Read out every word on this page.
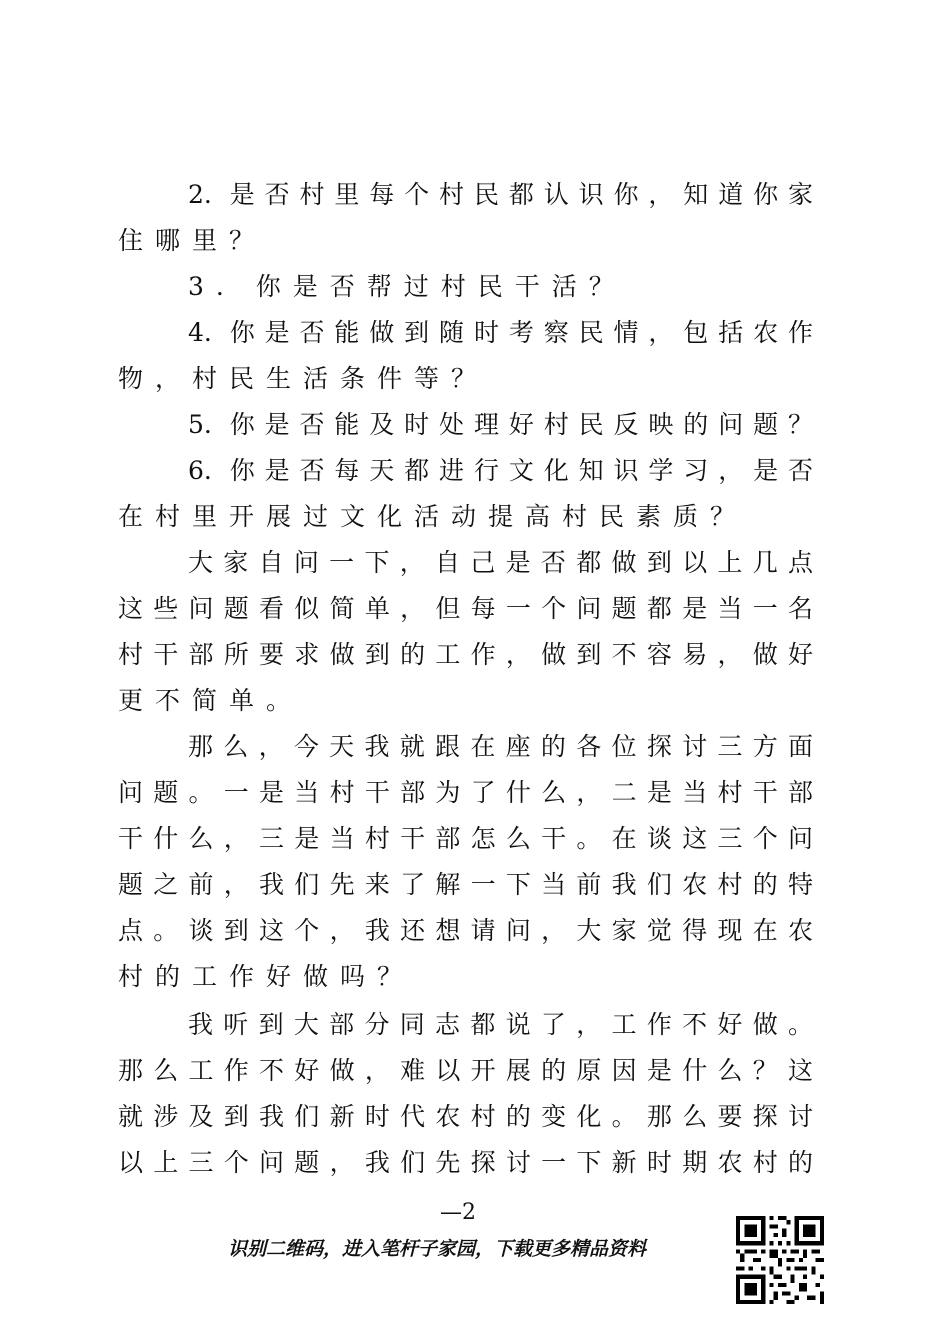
2. 是否村里每个村民都认识你，知道你家
住哪里？
3. 你是否帮过村民干活？
4. 你是否能做到随时考察民情，包括农作
物，村民生活条件等？
5. 你是否能及时处理好村民反映的问题？
6. 你是否每天都进行文化知识学习，是否
在村里开展过文化活动提高村民素质？
大家自问一下，自己是否都做到以上几点
这些问题看似简单，但每一个问题都是当一名
村干部所要求做到的工作，做到不容易，做好
更不简单。
那么，今天我就跟在座的各位探讨三方面
问题。一是当村干部为了什么，二是当村干部
干什么，三是当村干部怎么干。在谈这三个问
题之前，我们先来了解一下当前我们农村的特
点。谈到这个，我还想请问，大家觉得现在农
村的工作好做吗？
我听到大部分同志都说了，工作不好做。
那么工作不好做，难以开展的原因是什么？这
就涉及到我们新时代农村的变化。那么要探讨
以上三个问题，我们先探讨一下新时期农村的
—2
识别二维码，进入笔杆子家园，下载更多精品资料
